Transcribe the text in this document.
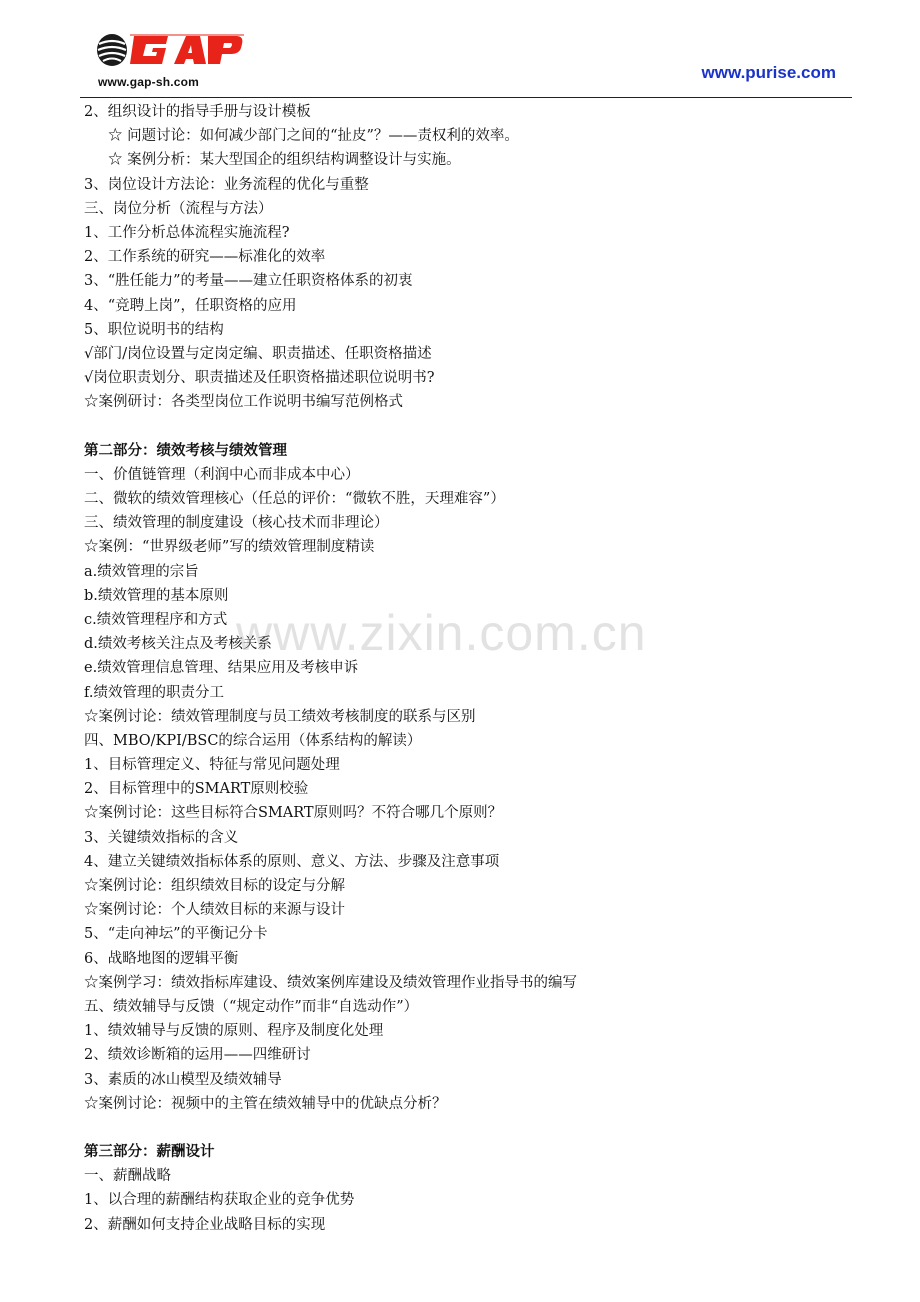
www.gap-sh.com	www.purise.com
2、组织设计的指导手册与设计模板
☆ 问题讨论：如何减少部门之间的“扯皮”？——责权利的效率。
☆ 案例分析：某大型国企的组织结构调整设计与实施。
3、岗位设计方法论：业务流程的优化与重整
三、岗位分析（流程与方法）
1、工作分析总体流程实施流程?
2、工作系统的研究——标准化的效率
3、“胜任能力”的考量——建立任职资格体系的初衷
4、“竞聘上岗”，任职资格的应用
5、职位说明书的结构
√部门/岗位设置与定岗定编、职责描述、任职资格描述
√岗位职责划分、职责描述及任职资格描述职位说明书?
☆案例研讨：各类型岗位工作说明书编写范例格式
第二部分：绩效考核与绩效管理
一、价值链管理（利润中心而非成本中心）
二、微软的绩效管理核心（任总的评价：“微软不胜，天理难容”）
三、绩效管理的制度建设（核心技术而非理论）
☆案例：“世界级老师”写的绩效管理制度精读
a.绩效管理的宗旨
b.绩效管理的基本原则
c.绩效管理程序和方式
d.绩效考核关注点及考核关系
e.绩效管理信息管理、结果应用及考核申诉
f.绩效管理的职责分工
☆案例讨论：绩效管理制度与员工绩效考核制度的联系与区别
四、MBO/KPI/BSC的综合运用（体系结构的解读）
1、目标管理定义、特征与常见问题处理
2、目标管理中的SMART原则校验
☆案例讨论：这些目标符合SMART原则吗？不符合哪几个原则？
3、关键绩效指标的含义
4、建立关键绩效指标体系的原则、意义、方法、步骤及注意事项
☆案例讨论：组织绩效目标的设定与分解
☆案例讨论：个人绩效目标的来源与设计
5、“走向神坛”的平衡记分卡
6、战略地图的逻辑平衡
☆案例学习：绩效指标库建设、绩效案例库建设及绩效管理作业指导书的编写
五、绩效辅导与反馈（“规定动作”而非“自选动作”）
1、绩效辅导与反馈的原则、程序及制度化处理
2、绩效诊断箱的运用——四维研讨
3、素质的冰山模型及绩效辅导
☆案例讨论：视频中的主管在绩效辅导中的优缺点分析？
第三部分：薪酬设计
一、薪酬战略
1、以合理的薪酬结构获取企业的竞争优势
2、薪酬如何支持企业战略目标的实现
www.zixin.com.cn
